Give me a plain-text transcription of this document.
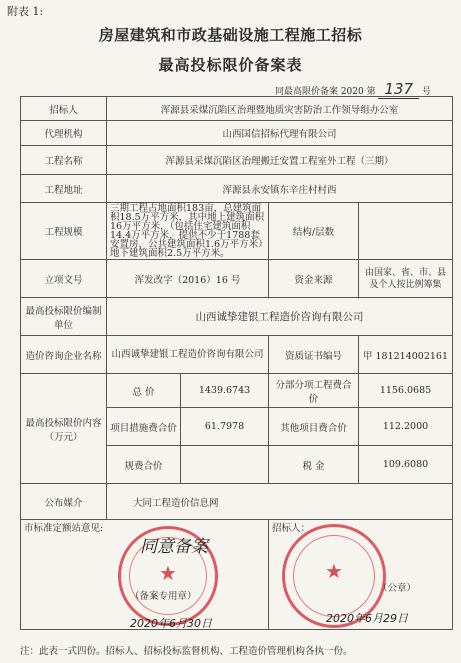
附表 1:
房屋建筑和市政基础设施工程施工招标
最高投标限价备案表
同最高限价备案 2020 第 137 号
招标人	浑源县采煤沉陷区治理暨地质灾害防治工作领导组办公室			
代理机构	山西国信招标代理有限公司			
工程名称	浑源县采煤沉陷区治理搬迁安置工程室外工程（三期）			
工程地址	浑源县永安镇东辛庄村村西			
工程规模	三期工程占地面积183亩，总建筑面积18.5万平方米，其中地上建筑面积16万平方米，（包括住宅建筑面积14.4万平方米，提供不少于1788套安置房，公共建筑面积1.6万平方米）地下建筑面积2.5万平方米。		结构/层数	
立项文号	浑发改字（2016）16 号		资金来源	由国家、省、市、县及个人按比例筹集
最高投标限价编制单位	山西诚挚建银工程造价咨询有限公司			
造价咨询企业名称	山西诚挚建银工程造价咨询有限公司		资质证书编号	甲 181214002161
最高投标限价内容（万元）	总 价	1439.6743	分部分项工程费合价	1156.0685
	项目措施费合价	61.7978	其他项目费合价	112.2000
	规费合价		税 金	109.6080
公布媒介	大同工程造价信息网			
市标准定额站意见:			招标人：	
★	★
同意备案
（备案专用章）
（公章）
2020年6月30日	2020年6月29日
注：此表一式四份。招标人、招标投标监督机构、工程造价管理机构各执一份。
